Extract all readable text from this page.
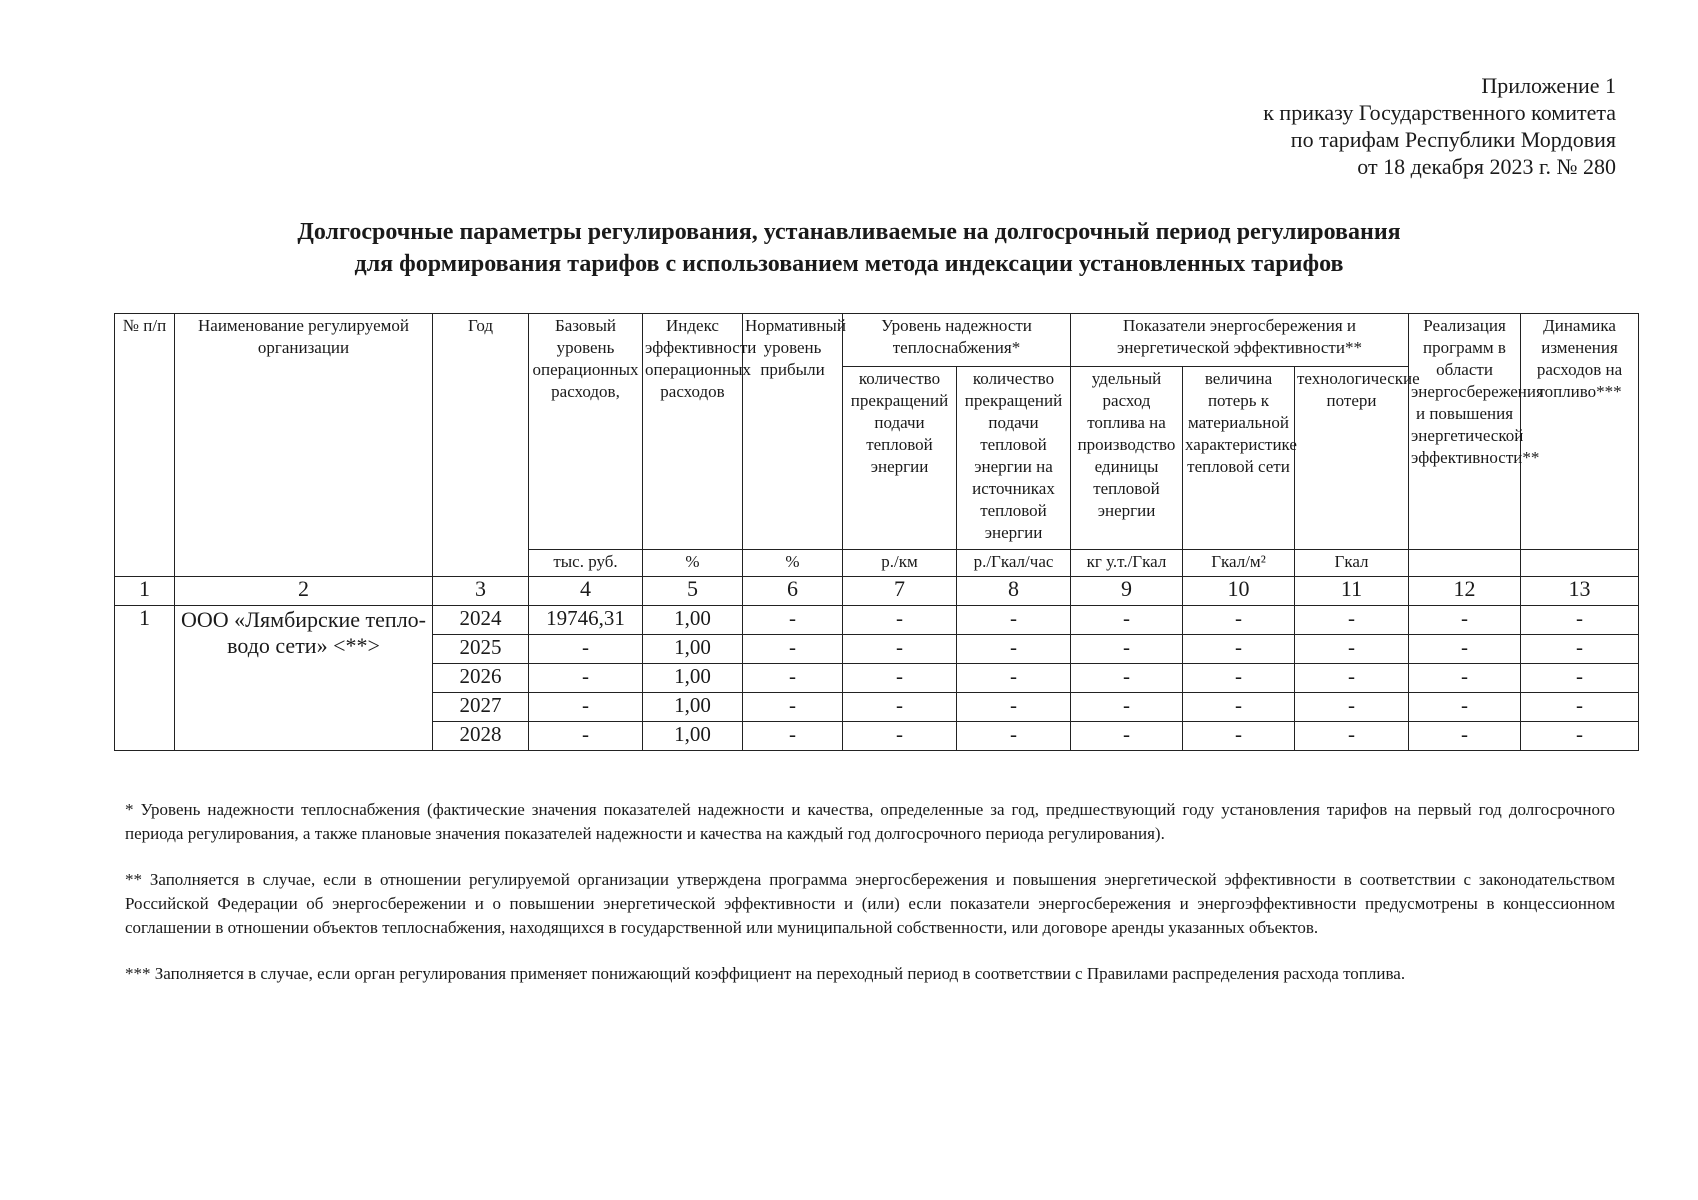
Приложение 1
к приказу Государственного комитета
по тарифам Республики Мордовия
от 18 декабря 2023 г. № 280
Долгосрочные параметры регулирования, устанавливаемые на долгосрочный период регулирования
для формирования тарифов с использованием метода индексации установленных тарифов
№ п/п	Наименование регулируемой организации	Год	Базовый уровень операционных расходов,	Индекс эффективности операционных расходов	Нормативный уровень прибыли	Уровень надежности теплоснабжения*		Показатели энергосбережения и энергетической эффективности**			Реализация программ в области энергосбережения и повышения энергетической эффективности**	Динамика изменения расходов на топливо***
						количество прекращений подачи тепловой энергии	количество прекращений подачи тепловой энергии на источниках тепловой энергии	удельный расход топлива на производство единицы тепловой энергии	величина потерь к материальной характеристике тепловой сети	технологические потери		
			тыс. руб.	%	%	р./км	р./Гкал/час	кг у.т./Гкал	Гкал/м²	Гкал		
1	2	3	4	5	6	7	8	9	10	11	12	13
1	ООО «Лямбирские тепло-водо сети» <**>	2024	19746,31	1,00	-	-	-	-	-	-	-	-
		2025	-	1,00	-	-	-	-	-	-	-	-
		2026	-	1,00	-	-	-	-	-	-	-	-
		2027	-	1,00	-	-	-	-	-	-	-	-
		2028	-	1,00	-	-	-	-	-	-	-	-

* Уровень надежности теплоснабжения (фактические значения показателей надежности и качества, определенные за год, предшествующий году установления тарифов на первый год долгосрочного периода регулирования, а также плановые значения показателей надежности и качества на каждый год долгосрочного периода регулирования).

** Заполняется в случае, если в отношении регулируемой организации утверждена программа энергосбережения и повышения энергетической эффективности в соответствии с законодательством Российской Федерации об энергосбережении и о повышении энергетической эффективности и (или) если показатели энергосбережения и энергоэффективности предусмотрены в концессионном соглашении в отношении объектов теплоснабжения, находящихся в государственной или муниципальной собственности, или договоре аренды указанных объектов.

*** Заполняется в случае, если орган регулирования применяет понижающий коэффициент на переходный период в соответствии с Правилами распределения расхода топлива.
